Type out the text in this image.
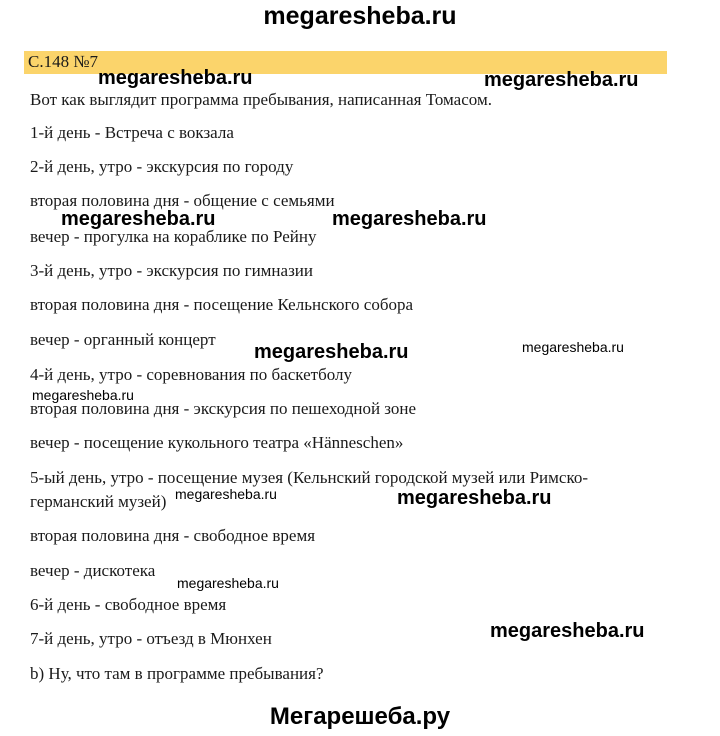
megaresheba.ru
С.148 №7
Вот как выглядит программа пребывания, написанная Томасом.
1-й день - Встреча с вокзала
2-й день, утро - экскурсия по городу
вторая половина дня - общение с семьями
вечер - прогулка на кораблике по Рейну
3-й день, утро - экскурсия по гимназии
вторая половина дня - посещение Кельнского собора
вечер - органный концерт
4-й день, утро - соревнования по баскетболу
вторая половина дня - экскурсия по пешеходной зоне
вечер - посещение кукольного театра «Hänneschen»
5-ый день, утро - посещение музея (Кельнский городской музей или Римско-
германский музей)
вторая половина дня - свободное время
вечер - дискотека
6-й день - свободное время
7-й день, утро - отъезд в Мюнхен
b) Ну, что там в программе пребывания?
megaresheba.ru	megaresheba.ru
megaresheba.ru	megaresheba.ru
megaresheba.ru	megaresheba.ru
megaresheba.ru
megaresheba.ru	megaresheba.ru
megaresheba.ru
megaresheba.ru
Мегарешеба.ру
